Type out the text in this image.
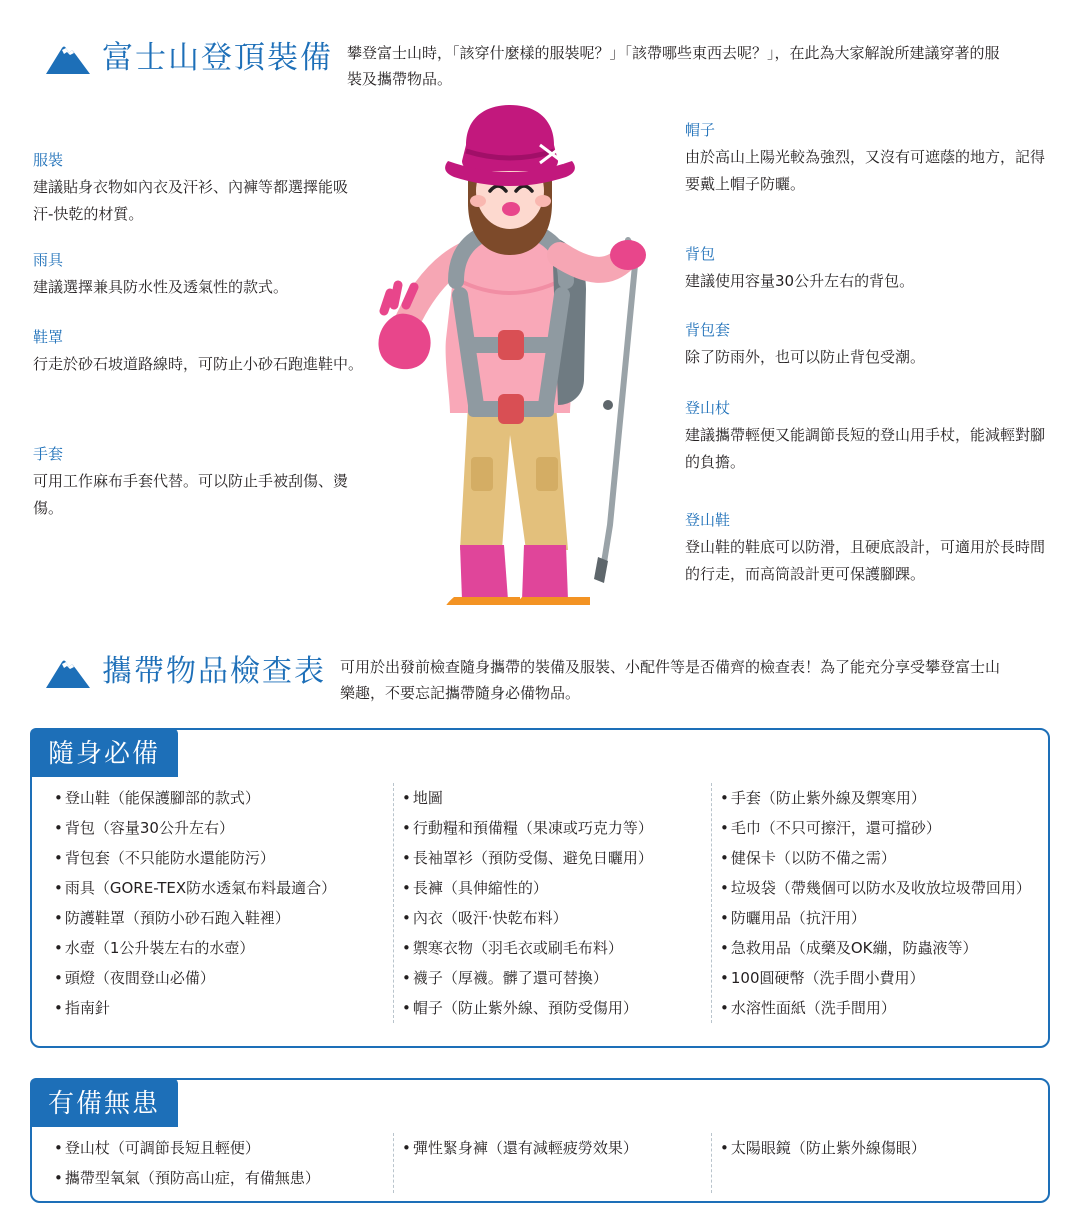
富士山登頂裝備 攀登富士山時，「該穿什麼樣的服裝呢？」「該帶哪些東西去呢？」，在此為大家解說所建議穿著的服裝及攜帶物品。
服裝
建議貼身衣物如內衣及汗衫、內褲等都選擇能吸汗-快乾的材質。
雨具
建議選擇兼具防水性及透氣性的款式。
鞋罩
行走於砂石坡道路線時，可防止小砂石跑進鞋中。
手套
可用工作麻布手套代替。可以防止手被刮傷、燙傷。
帽子
由於高山上陽光較為強烈，又沒有可遮蔭的地方，記得要戴上帽子防曬。
背包
建議使用容量30公升左右的背包。
背包套
除了防雨外，也可以防止背包受潮。
登山杖
建議攜帶輕便又能調節長短的登山用手杖，能減輕對腳的負擔。
登山鞋
登山鞋的鞋底可以防滑，且硬底設計，可適用於長時間的行走，而高筒設計更可保護腳踝。
攜帶物品檢查表 可用於出發前檢查隨身攜帶的裝備及服裝、小配件等是否備齊的檢查表！為了能充分享受攀登富士山樂趣，不要忘記攜帶隨身必備物品。
隨身必備
• 登山鞋（能保護腳部的款式）
• 背包（容量30公升左右）
• 背包套（不只能防水還能防污）
• 雨具（GORE-TEX防水透氣布料最適合）
• 防護鞋罩（預防小砂石跑入鞋裡）
• 水壺（1公升裝左右的水壺）
• 頭燈（夜間登山必備）
• 指南針
• 地圖
• 行動糧和預備糧（果凍或巧克力等）
• 長袖罩衫（預防受傷、避免日曬用）
• 長褲（具伸縮性的）
• 內衣（吸汗‧快乾布料）
• 禦寒衣物（羽毛衣或刷毛布料）
• 襪子（厚襪。髒了還可替換）
• 帽子（防止紫外線、預防受傷用）
• 手套（防止紫外線及禦寒用）
• 毛巾（不只可擦汗，還可擋砂）
• 健保卡（以防不備之需）
• 垃圾袋（帶幾個可以防水及收放垃圾帶回用）
• 防曬用品（抗汗用）
• 急救用品（成藥及OK繃，防蟲液等）
• 100圓硬幣（洗手間小費用）
• 水溶性面紙（洗手間用）
有備無患
• 登山杖（可調節長短且輕便）
• 攜帶型氧氣（預防高山症，有備無患）
• 彈性緊身褲（還有減輕疲勞效果）	• 太陽眼鏡（防止紫外線傷眼）
